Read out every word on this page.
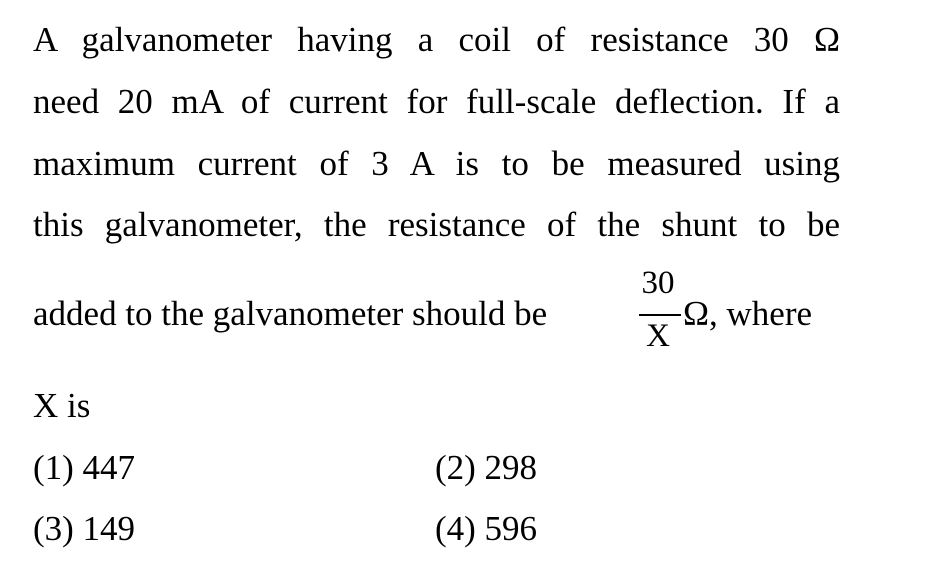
A galvanometer having a coil of resistance 30 Ω
need 20 mA of current for full-scale deflection. If a
maximum current of 3 A is to be measured using
this galvanometer, the resistance of the shunt to be
added to the galvanometer should be
30
X
Ω, where
X is
(1) 447	(2) 298
(3) 149	(4) 596
